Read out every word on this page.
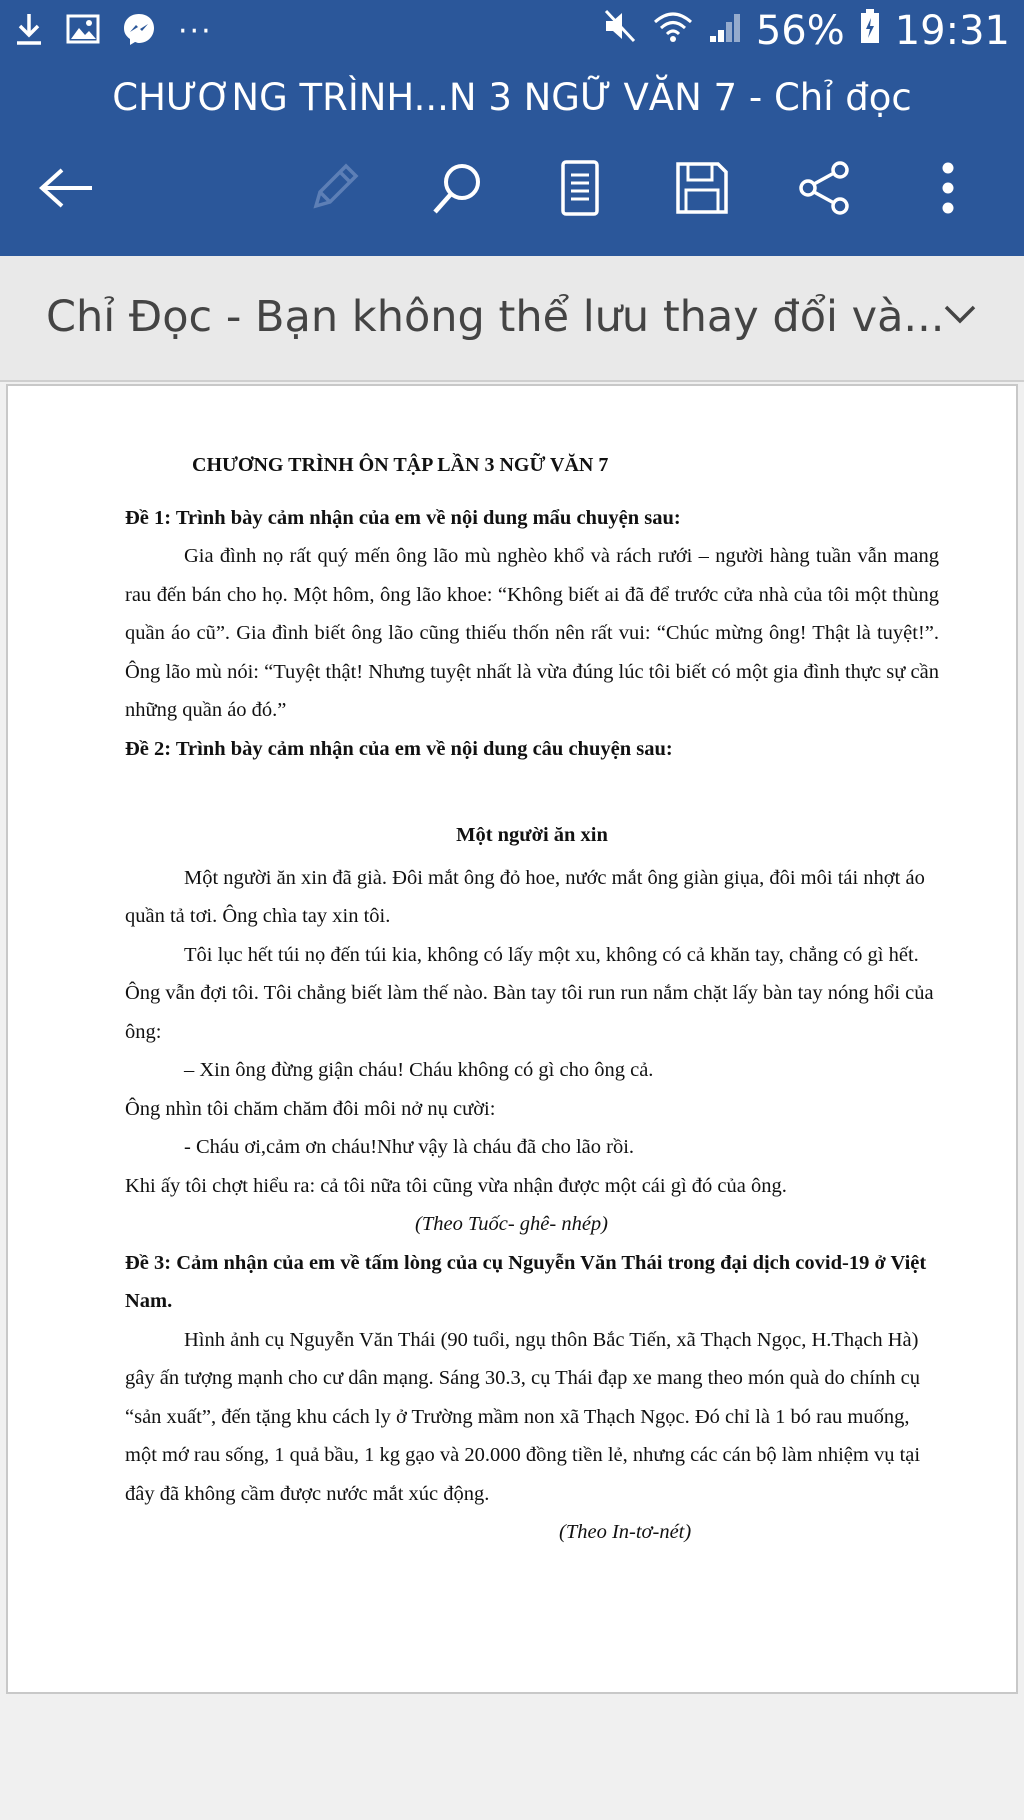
···	56% 19:31
CHƯƠNG TRÌNH...N 3 NGỮ VĂN 7 - Chỉ đọc
Chỉ Đọc - Bạn không thể lưu thay đổi và...

CHƯƠNG TRÌNH ÔN TẬP LẦN 3 NGỮ VĂN 7

Đề 1: Trình bày cảm nhận của em về nội dung mẩu chuyện sau:

Gia đình nọ rất quý mến ông lão mù nghèo khổ và rách rưới – người hàng tuần vẫn mang rau đến bán cho họ. Một hôm, ông lão khoe: “Không biết ai đã để trước cửa nhà của tôi một thùng quần áo cũ”. Gia đình biết ông lão cũng thiếu thốn nên rất vui: “Chúc mừng ông! Thật là tuyệt!”. Ông lão mù nói: “Tuyệt thật! Nhưng tuyệt nhất là vừa đúng lúc tôi biết có một gia đình thực sự cần những quần áo đó.”

Đề 2: Trình bày cảm nhận của em về nội dung câu chuyện sau:

Một người ăn xin

Một người ăn xin đã già. Đôi mắt ông đỏ hoe, nước mắt ông giàn giụa, đôi môi tái nhợt áo quần tả tơi. Ông chìa tay xin tôi.

Tôi lục hết túi nọ đến túi kia, không có lấy một xu, không có cả khăn tay, chẳng có gì hết. Ông vẫn đợi tôi. Tôi chẳng biết làm thế nào. Bàn tay tôi run run nắm chặt lấy bàn tay nóng hổi của ông:

– Xin ông đừng giận cháu! Cháu không có gì cho ông cả.

Ông nhìn tôi chăm chăm đôi môi nở nụ cười:

- Cháu ơi,cảm ơn cháu!Như vậy là cháu đã cho lão rồi.

Khi ấy tôi chợt hiểu ra: cả tôi nữa tôi cũng vừa nhận được một cái gì đó của ông.

(Theo Tuốc- ghê- nhép)

Đề 3: Cảm nhận của em về tấm lòng của cụ Nguyễn Văn Thái trong đại dịch covid-19 ở Việt Nam.

Hình ảnh cụ Nguyễn Văn Thái (90 tuổi, ngụ thôn Bắc Tiến, xã Thạch Ngọc, H.Thạch Hà) gây ấn tượng mạnh cho cư dân mạng. Sáng 30.3, cụ Thái đạp xe mang theo món quà do chính cụ “sản xuất”, đến tặng khu cách ly ở Trường mầm non xã Thạch Ngọc. Đó chỉ là 1 bó rau muống, một mớ rau sống, 1 quả bầu, 1 kg gạo và 20.000 đồng tiền lẻ, nhưng các cán bộ làm nhiệm vụ tại đây đã không cầm được nước mắt xúc động.

(Theo In-tơ-nét)
